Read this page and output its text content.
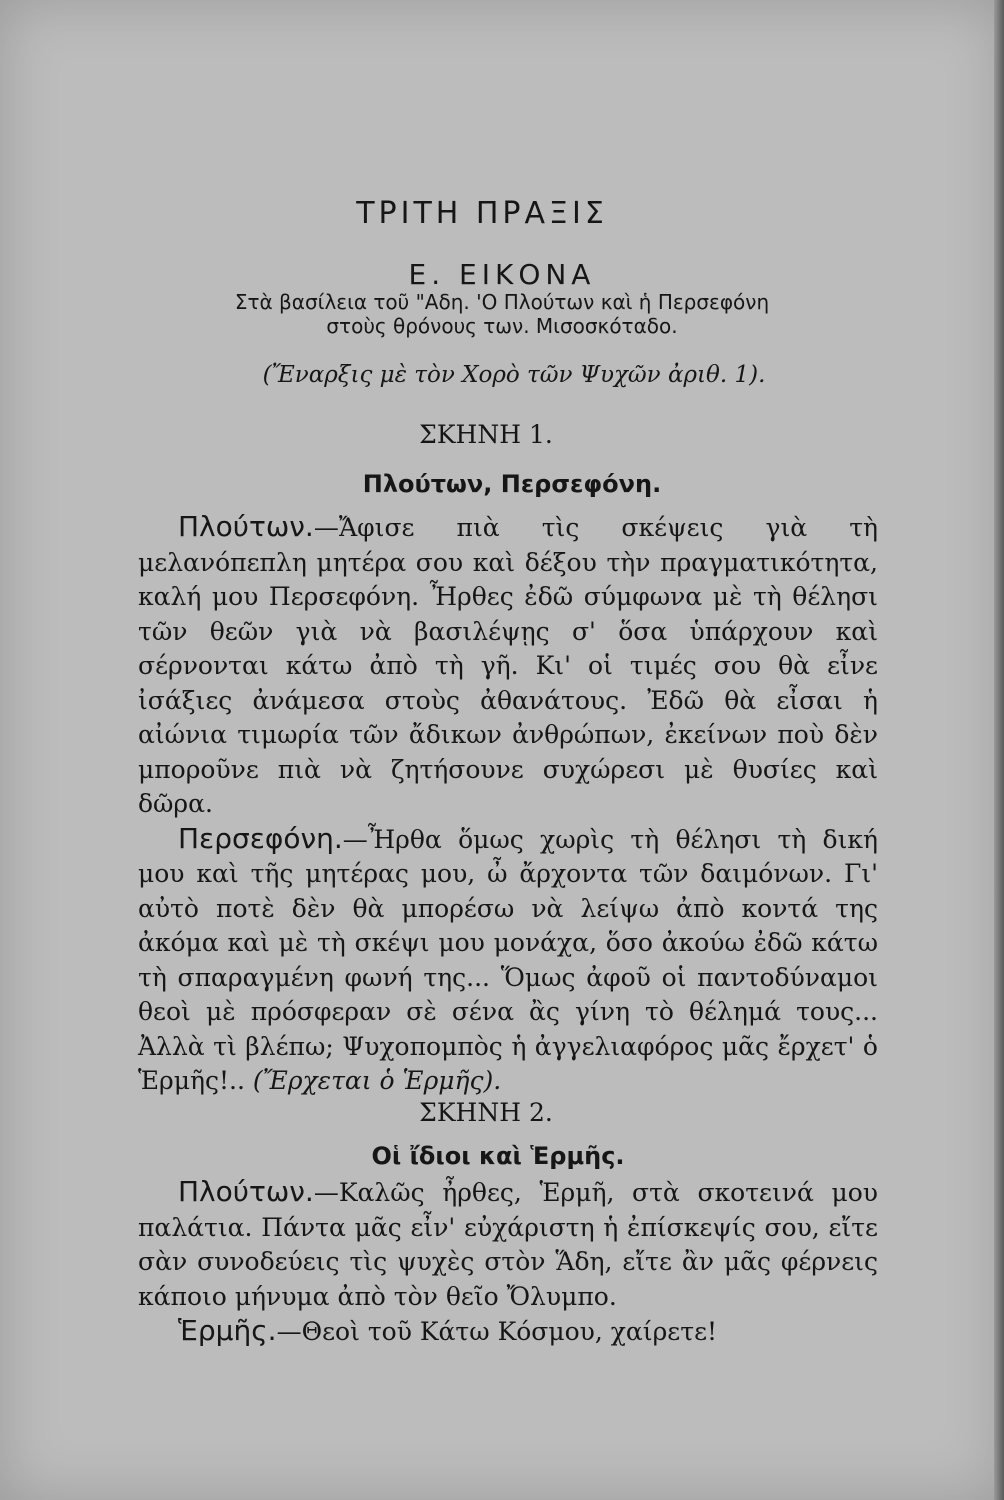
ΤΡΙΤΗ ΠΡΑΞΙΣ
Ε. ΕΙΚΟΝΑ
Στὰ βασίλεια τοῦ "Αδη. 'Ο Πλούτων καὶ ἡ Περσεφόνη
στοὺς θρόνους των. Μισοσκόταδο.
(Ἔναρξις μὲ τὸν Χορὸ τῶν Ψυχῶν ἀριθ. 1).
ΣΚΗΝΗ 1.
Πλούτων, Περσεφόνη.

Πλούτων.—Ἄφισε πιὰ τὶς σκέψεις γιὰ τὴ μελανόπεπλη μητέρα σου καὶ δέξου τὴν πραγματικότητα, καλή μου Περσεφόνη. Ἦρθες ἐδῶ σύμφωνα μὲ τὴ θέλησι τῶν θεῶν γιὰ νὰ βασιλέψῃς σ' ὅσα ὑπάρχουν καὶ σέρνονται κάτω ἀπὸ τὴ γῆ. Κι' οἱ τιμές σου θὰ εἶνε ἰσάξιες ἀνάμεσα στοὺς ἀθανάτους. Ἐδῶ θὰ εἶσαι ἡ αἰώνια τιμωρία τῶν ἄδικων ἀνθρώπων, ἐκείνων ποὺ δὲν μποροῦνε πιὰ νὰ ζητήσουνε συχώρεσι μὲ θυσίες καὶ δῶρα.

Περσεφόνη.—Ἦρθα ὅμως χωρὶς τὴ θέλησι τὴ δική μου καὶ τῆς μητέρας μου, ὦ ἄρχοντα τῶν δαιμόνων. Γι' αὐτὸ ποτὲ δὲν θὰ μπορέσω νὰ λείψω ἀπὸ κοντά της ἀκόμα καὶ μὲ τὴ σκέψι μου μονάχα, ὅσο ἀκούω ἐδῶ κάτω τὴ σπαραγμένη φωνή της... Ὅμως ἀφοῦ οἱ παντοδύναμοι θεοὶ μὲ πρόσφεραν σὲ σένα ἂς γίνη τὸ θέλημά τους... Ἀλλὰ τὶ βλέπω; Ψυχοπομπὸς ἡ ἀγγελιαφόρος μᾶς ἔρχετ' ὁ Ἑρμῆς!.. (Ἔρχεται ὁ Ἑρμῆς).

ΣΚΗΝΗ 2.
Οἱ ἴδιοι καὶ Ἑρμῆς.

Πλούτων.—Καλῶς ἦρθες, Ἑρμῆ, στὰ σκοτεινά μου παλάτια. Πάντα μᾶς εἶν' εὐχάριστη ἡ ἐπίσκεψίς σου, εἴτε σὰν συνοδεύεις τὶς ψυχὲς στὸν Ἅδη, εἴτε ἂν μᾶς φέρνεις κάποιο μήνυμα ἀπὸ τὸν θεῖο Ὄλυμπο.

Ἑρμῆς.—Θεοὶ τοῦ Κάτω Κόσμου, χαίρετε!
